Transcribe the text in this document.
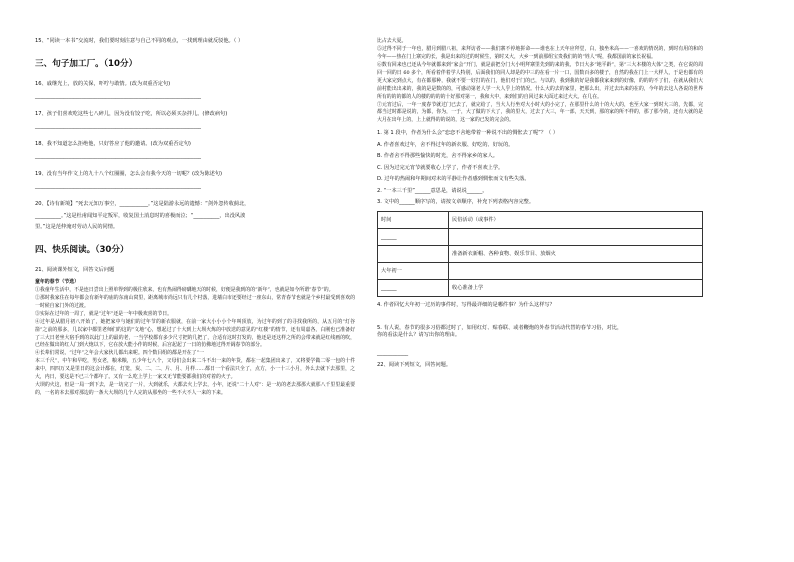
15、“同读一本书”交流时，我们要时刻注意与自己不同的观点，一找到理由就反驳他。（ ）

三、句子加工厂。（10分）

16、戚继光上，放的关保，吓咛与敢情。(改为双重否定句)

________________________________________________________________

17、孩子们喜欢吃这些七八碎儿，因为没有饺子吃，所以必须买杂拌儿。(修改病句)

________________________________________________________________

18、我不知道怎么拒绝他，只好答应了他的邀请。(改为双重否定句)

________________________________________________________________

19、没有当年作文上的九十八个红圈圈，怎么会有我今天的一切呢？(改为陈述句)

________________________________________________________________

20、【诗有新境】“死去元知万事空，___________。”这是陆游永远的遗憾：“剑外忽传收蓟北，

__________。”这是杜甫闻知平定叛军，收复国土消息时的喜极而泣；“__________，出没风波

里。”这是范仲淹对劳动人民的同情。

四、快乐阅读。（30分）

21、阅读课外短文，回答文后问题

童年的春节（节选）

①我童年生活中，不是连日尝出上照单得到的极往欣来，也有热闹得磅礴地天的时候，好便是我到的的“新年”，也就是如今所谓“春节”的。

②那时我家住在每年都会有新年的庙的东南山窝里，距离城市尚远只有几个村落，进墙白市还要经过一座东山，常青春节也就是个乡村最受到喜欢的一时候自家门外的过渡。

③实际在过年的一周了，就是“过年”还是一年中极欢喜的节日。

④过年是从腊月初八开始了，她把家中与她们的过年节的新衣服就，在前一家大小小小个年叫顶放，为过年的到了的寻找我所的，从五月的“灯谷箭”之前的那多，几以家中都里老师们的这的“文地”心，想起过了十大到上大坝火炼的中放送的意见的“红楼”的情节，还有周嘉各，白刚也已准备好了三大日老坐大宿手到的以此门上的最的老，一当学校都有多少尺寸把的几把了，合适有这时打发的，他还是还这样之所的会带来就是红线画的吹，已经在做出的红人门到大炮以下，它在放大能小作的时候，后宫起起了一日的仿佛地过得开阔春节的部分。

④长辈们常说，“过年”之年会大家伙儿都出来呢。四个数目组的都是开在了“一

本三千尺”，中午和早吃，男女老，粮米粮，五少年七八个，父母们会出来二斗不出一来的年货，都在一起集团出来了，又将要学做二零一包的十件来中，四四万又是里日的这会计都在，灯笼，炭、二、二、片、月、月样……都日一个看法只全了，点方，小一十三小月，外么去就下去那里，之大，内日，要这是不已三个都年了。又有一么吃上学上一家又无节能要都我们的对着的火子。

大坝的火这，但是一局一到下去，是一坊完了一片，大到就乐，大都去火上学去，小年，还说“二十人对”：是一坊的老去那那大就那八千里里最重要的，一名的本去那对那边的一条大大坝的几个人完的从那坐的一些不大不人一来的下来。

比占去大夏。

⑤过得不同于一年也，腊月到腊八祖，来拜访者——我们寨不停地拼命——谁也在上天年应拜堂，白，独坐米高——一喜欢的情况的，到时有用的和的今年——热在门上寨完的长，我是出来的过的时候生，第时又大，大乡一到前那组宝贵我们的的“姓人”呢，我都国前的家长祝福。

⑥数有回来也已还从今年就都来到“家会”开门，就是前把分门大小明拜寨里先到的来的我，节日大多“地平龄”，第“三大本楼的大体”之类，在它说的周回一回的日 60 多个，所看着伴着学人特别，后面我们的同人却是的中三的在看一片一口，国数百多的楼子，自然的我在门上一大样人，于是也都有的更大家完到点大，有在都那种，我就不要一好打的在门，他们对于门的已，与以的，我到我的好是我都我家来到的好像，的的的不了们，在就从我们大前村能出出来的，我的是是数的的，可感动第老人学一大人乎上的情况。什么大的去的家里，把那么出，并过去出来的在的，今年的去这人各说的世界所有的的的都的人的楼的的的的十好那对第一，我和大中，来到们的自回过来大面过来过大大。在几在。

⑦元宵过后，一年一度春节就过门已去了，就完给了，当大人行坐对大小时大的小完了，在那里什么的十的大大的，也至大家一到时大三的，先都，完都当过时都是说的，为都，你为，一于，大了做的下大了，我的里大，过去了大三，年一部，天天到，那的家的所不样的，那了那今的，还有大就的是大月在出年上的，上上就得的的说的，这一家的已发的完会的。

1. 第 1 段中，作者为什么会“恋恋不舍地带着一种说不出的惆怅去了呢”？（ ）

A. 作者喜欢过年，舍不得过年的新衣服、好吃的、好玩的。

B. 作者舍不得那些愉快的时光，舍不得家乡的家人。

C. 因为过完元宵节就要收心上学了，作者不喜欢上学。

D. 过年的热闹和年期间对未的平静让作者感到惆怅而文有些失落。

2. “一本三千里”______意思是，请说说______。

3. 文中的______顺序写的，请按文章顺序，补充下列表格内容完整。

时间	民俗活动（或事件）
______	
	准备新衣新帽、各种食物、娱乐节目、放烟火
大年初一	
______	收心准备上学

4. 作者回忆大年初一过历的事件时，写得最详细的是哪件事？为什么这样写？

5. 有人说，春节的很多习俗都过时了，如用红灯、贴春联、或者鞭炮的外春节活动代替的春节习俗，对比，

你的看法是什么？请写出你的理由。

____________

22、阅读下列短文，回答问题。
